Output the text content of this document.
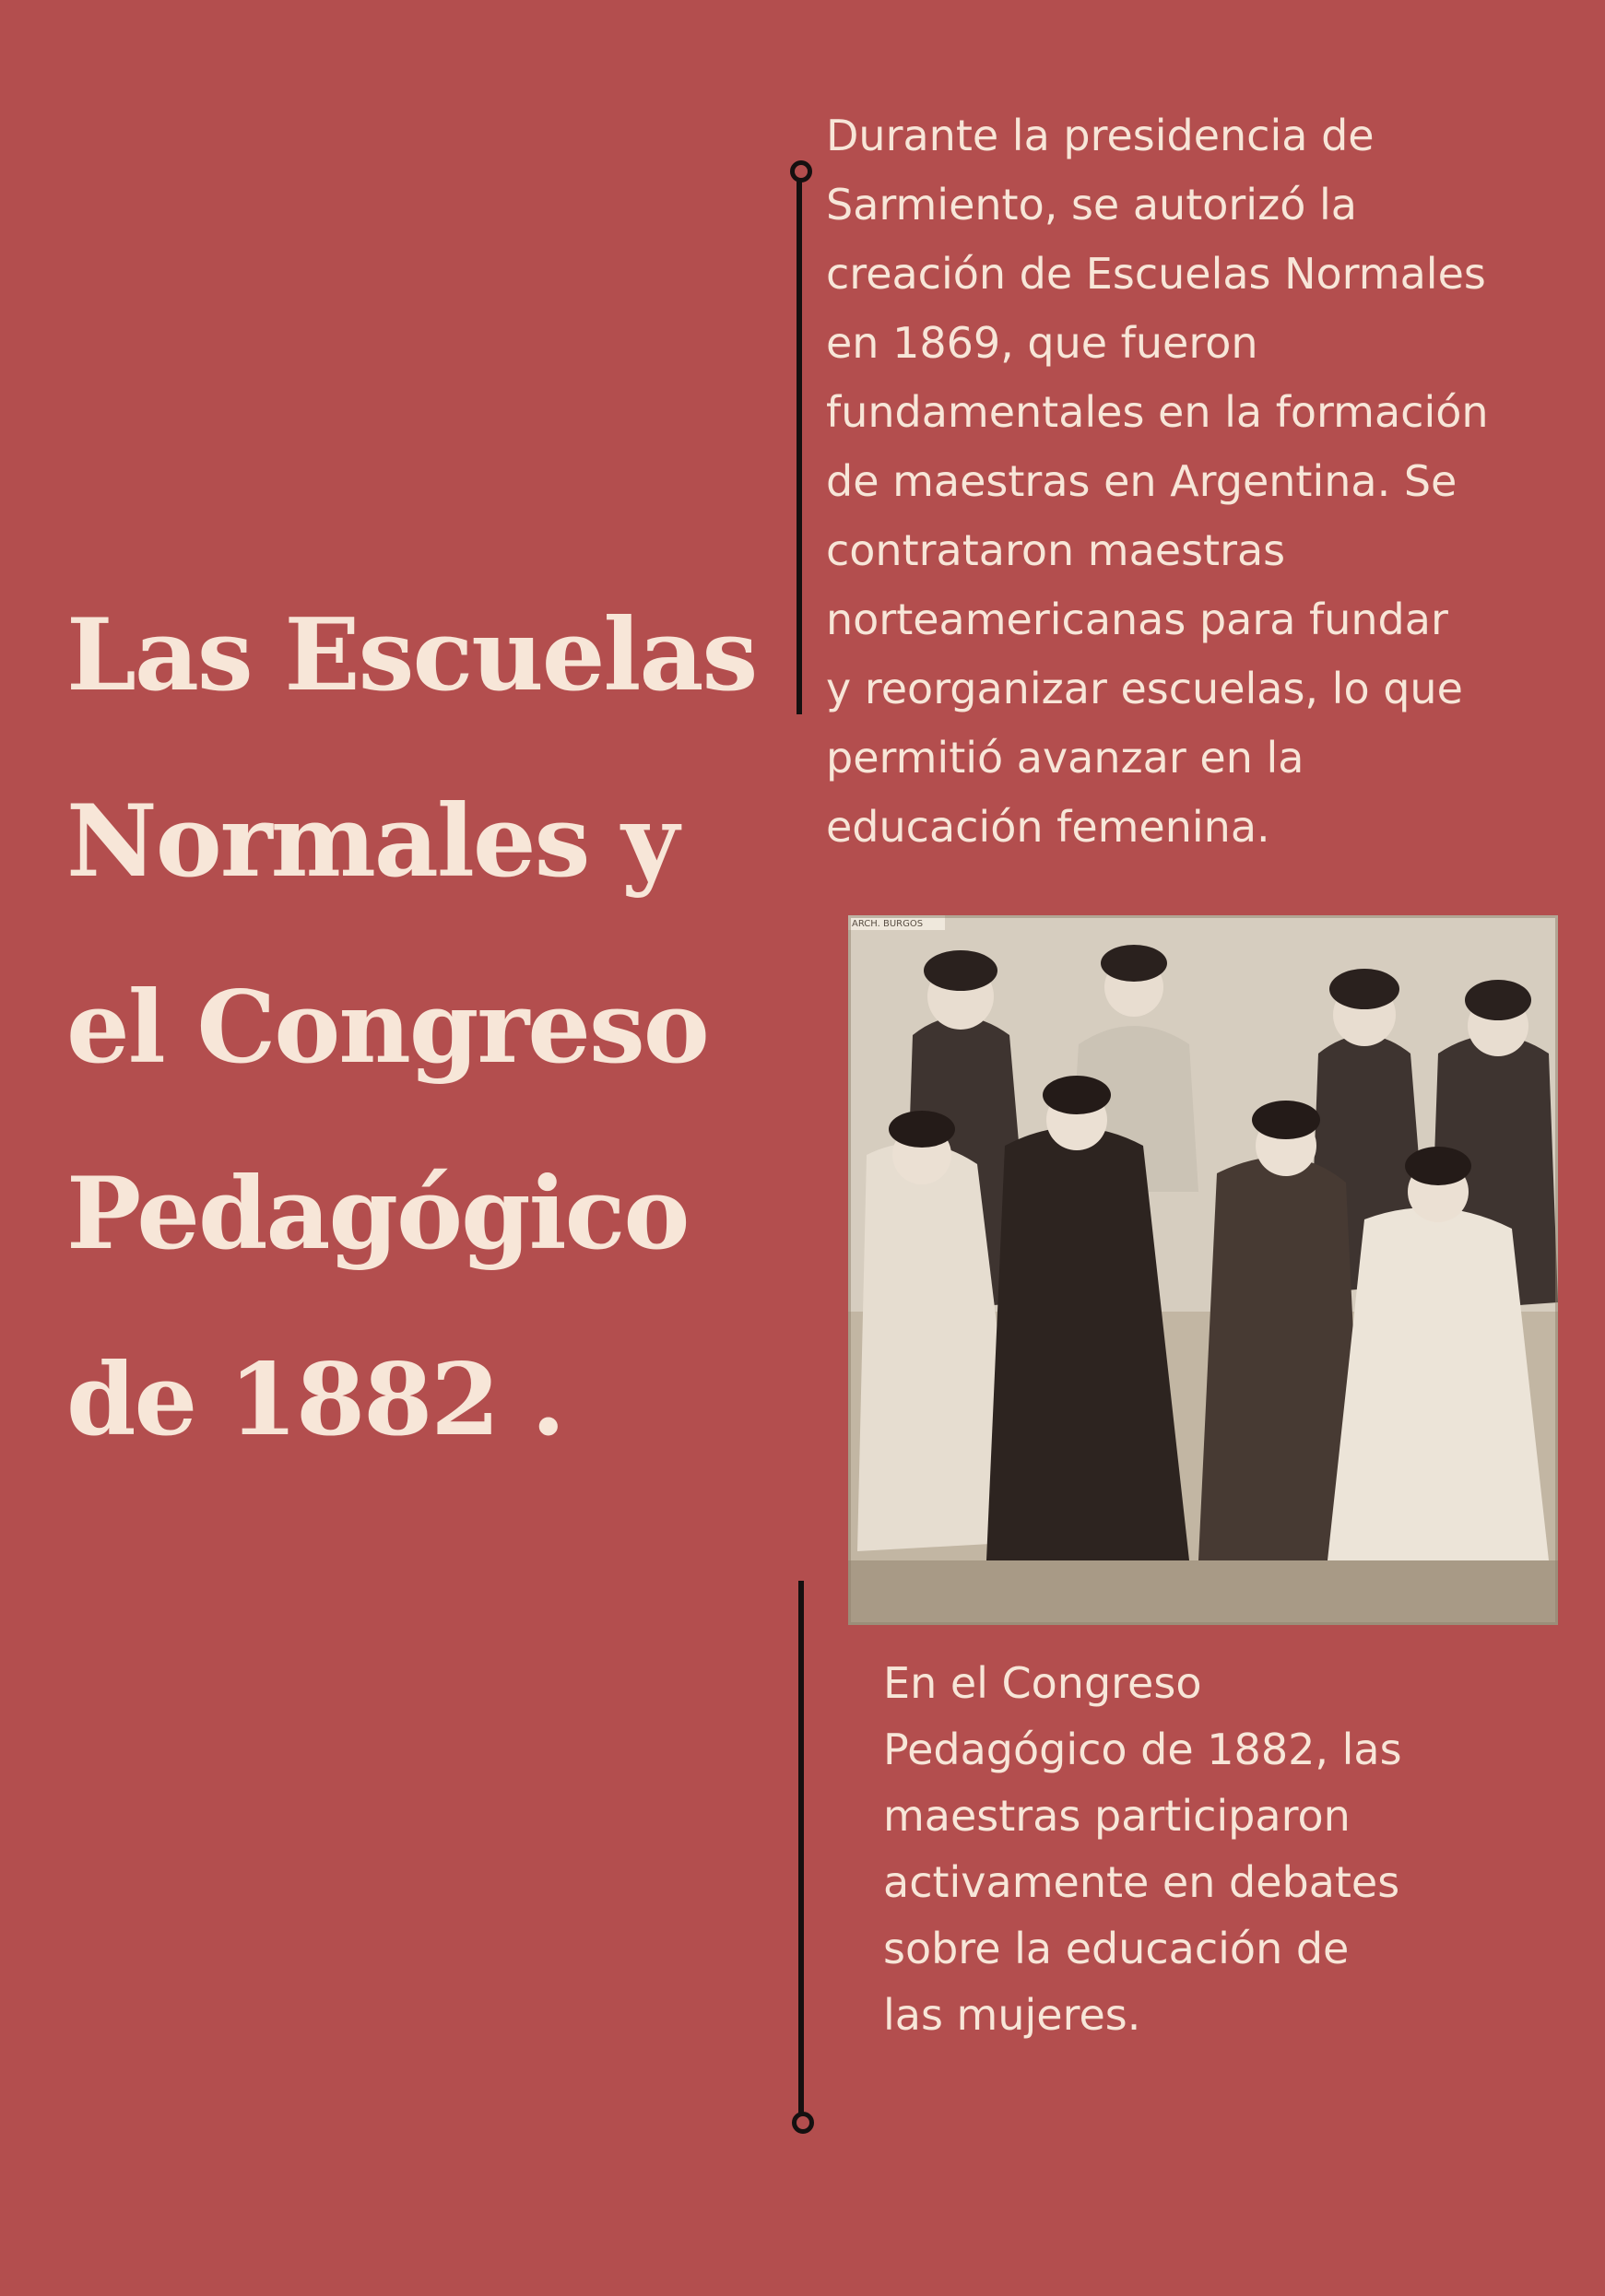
Las Escuelas
Normales y
el Congreso
Pedagógico
de 1882 .

Durante la presidencia de
Sarmiento, se autorizó la
creación de Escuelas Normales
en 1869, que fueron
fundamentales en la formación
de maestras en Argentina. Se
contrataron maestras
norteamericanas para fundar
y reorganizar escuelas, lo que
permitió avanzar en la
educación femenina.

ARCH. BURGOS

En el Congreso
Pedagógico de 1882, las
maestras participaron
activamente en debates
sobre la educación de
las mujeres.
